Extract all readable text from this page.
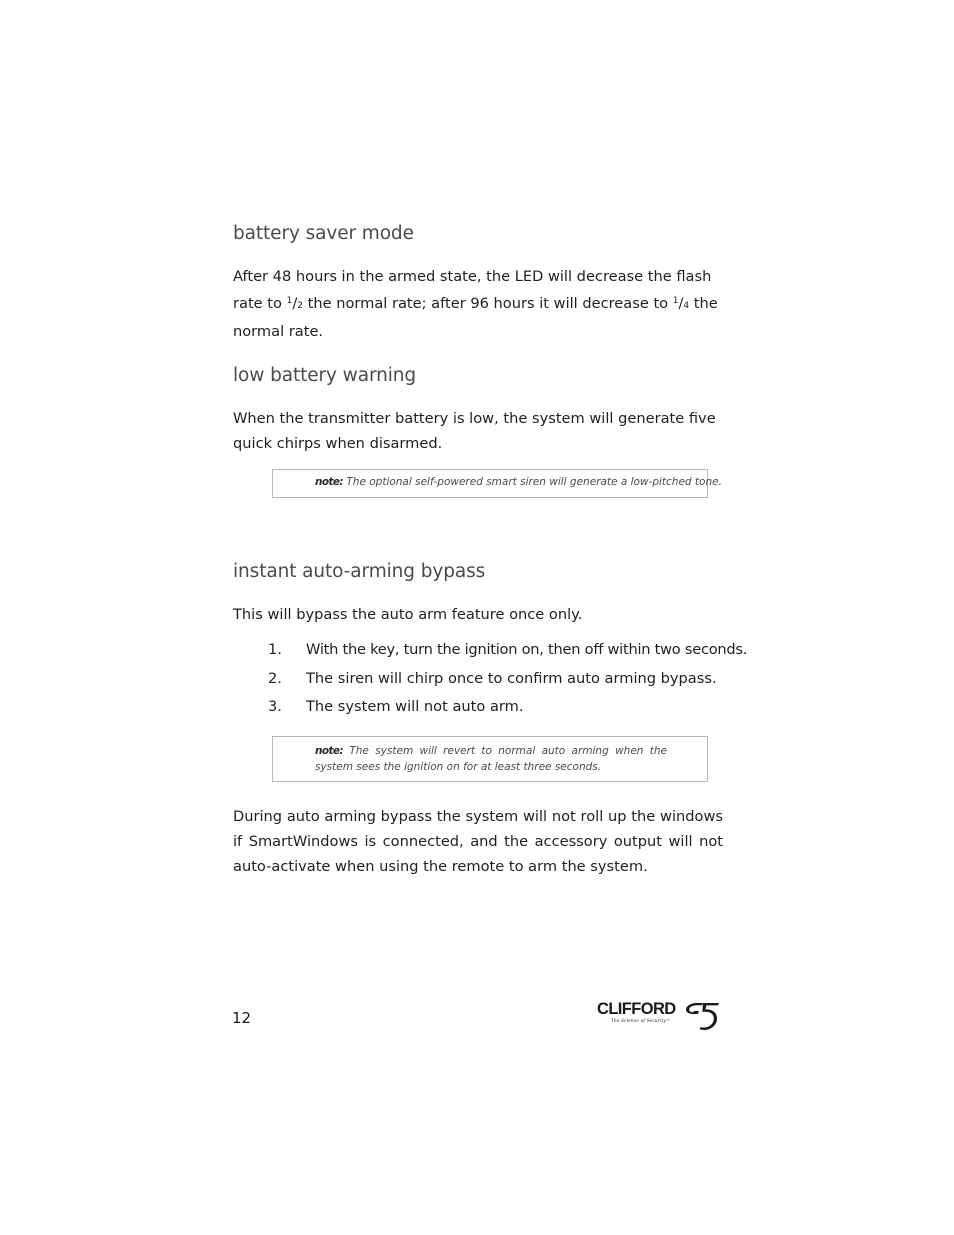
battery saver mode

After 48 hours in the armed state, the LED will decrease the flash rate to $^1$/2 the normal rate; after 96 hours it will decrease to $^1$/4 the normal rate.

low battery warning

When the transmitter battery is low, the system will generate five quick chirps when disarmed.

note: The optional self-powered smart siren will generate a low-pitched tone.
instant auto-arming bypass

This will bypass the auto arm feature once only.

1. With the key, turn the ignition on, then off within two seconds.
2. The siren will chirp once to confirm auto arming bypass.
3. The system will not auto arm.
note: The system will revert to normal auto arming when the system sees the ignition on for at least three seconds.

During auto arming bypass the system will not roll up the windows if SmartWindows is connected, and the accessory output will not auto-activate when using the remote to arm the system.

12	CLIFFORD
The Science of Security™
